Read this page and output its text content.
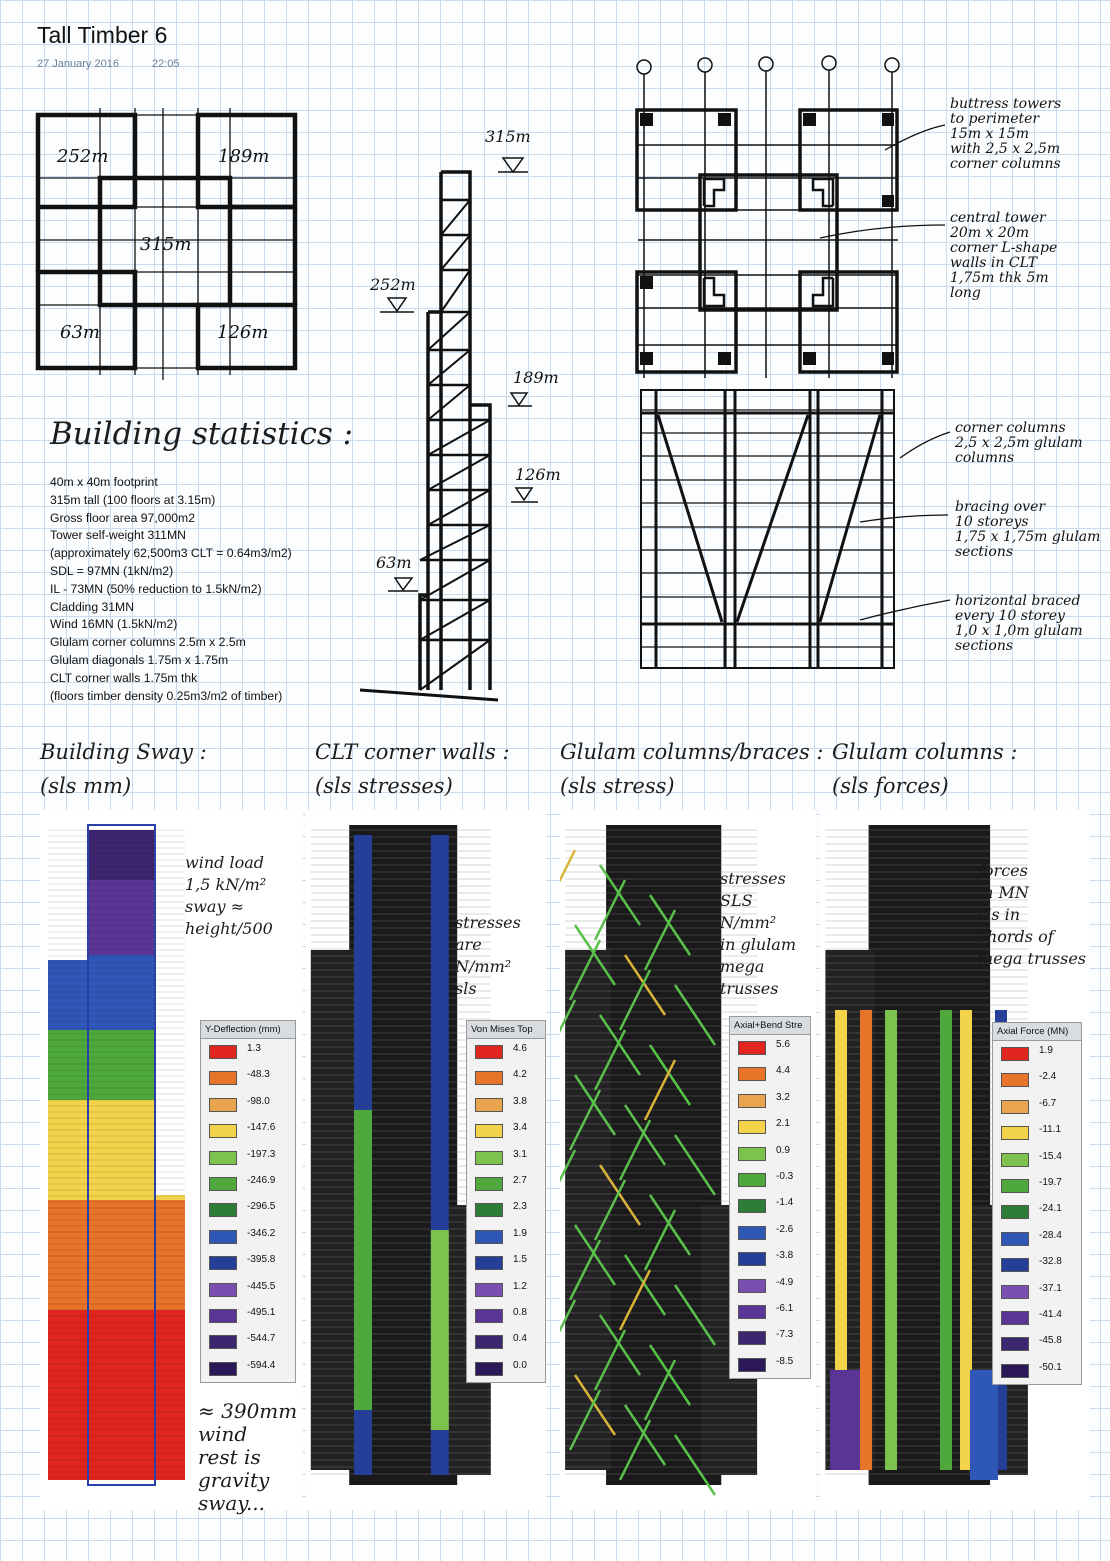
Tall Timber 6
27 January 2016	22:05
252m	189m
315m
63m	126m
315m
252m
189m
126m
63m
buttress towers to perimeter 15m x 15m with 2,5 x 2,5m corner columns
central tower 20m x 20m corner L-shape walls in CLT 1,75m thk 5m long
corner columns 2,5 x 2,5m glulam columns
bracing over 10 storeys 1,75 x 1,75m glulam sections
horizontal braced every 10 storey 1,0 x 1,0m glulam sections
Building statistics :
40m x 40m footprint
315m tall (100 floors at 3.15m)
Gross floor area 97,000m2
Tower self-weight 311MN
(approximately 62,500m3 CLT = 0.64m3/m2)
SDL = 97MN (1kN/m2)
IL - 73MN (50% reduction to 1.5kN/m2)
Cladding 31MN
Wind 16MN (1.5kN/m2)
Glulam corner columns 2.5m x 2.5m
Glulam diagonals 1.75m x 1.75m
CLT corner walls 1.75m thk
(floors timber density 0.25m3/m2 of timber)
Building Sway :
(sls mm)
wind load
1,5 kN/m²
sway ≈
height/500
≈ 390mm
wind
rest is
gravity
sway...
Y-Deflection (mm)
1.3
-48.3
-98.0
-147.6
-197.3
-246.9
-296.5
-346.2
-395.8
-445.5
-495.1
-544.7
-594.4
CLT corner walls :
(sls stresses)
stresses
are
N/mm²
sls
Von Mises Top
4.6
4.2
3.8
3.4
3.1
2.7
2.3
1.9
1.5
1.2
0.8
0.4
0.0
Glulam columns/braces :
(sls stress)
stresses
SLS
N/mm²
in glulam
mega
trusses
Axial+Bend Stre
5.6
4.4
3.2
2.1
0.9
-0.3
-1.4
-2.6
-3.8
-4.9
-6.1
-7.3
-8.5
Glulam columns :
(sls forces)
forces
in MN
sls in
chords of
mega trusses
Axial Force (MN)
1.9
-2.4
-6.7
-11.1
-15.4
-19.7
-24.1
-28.4
-32.8
-37.1
-41.4
-45.8
-50.1
